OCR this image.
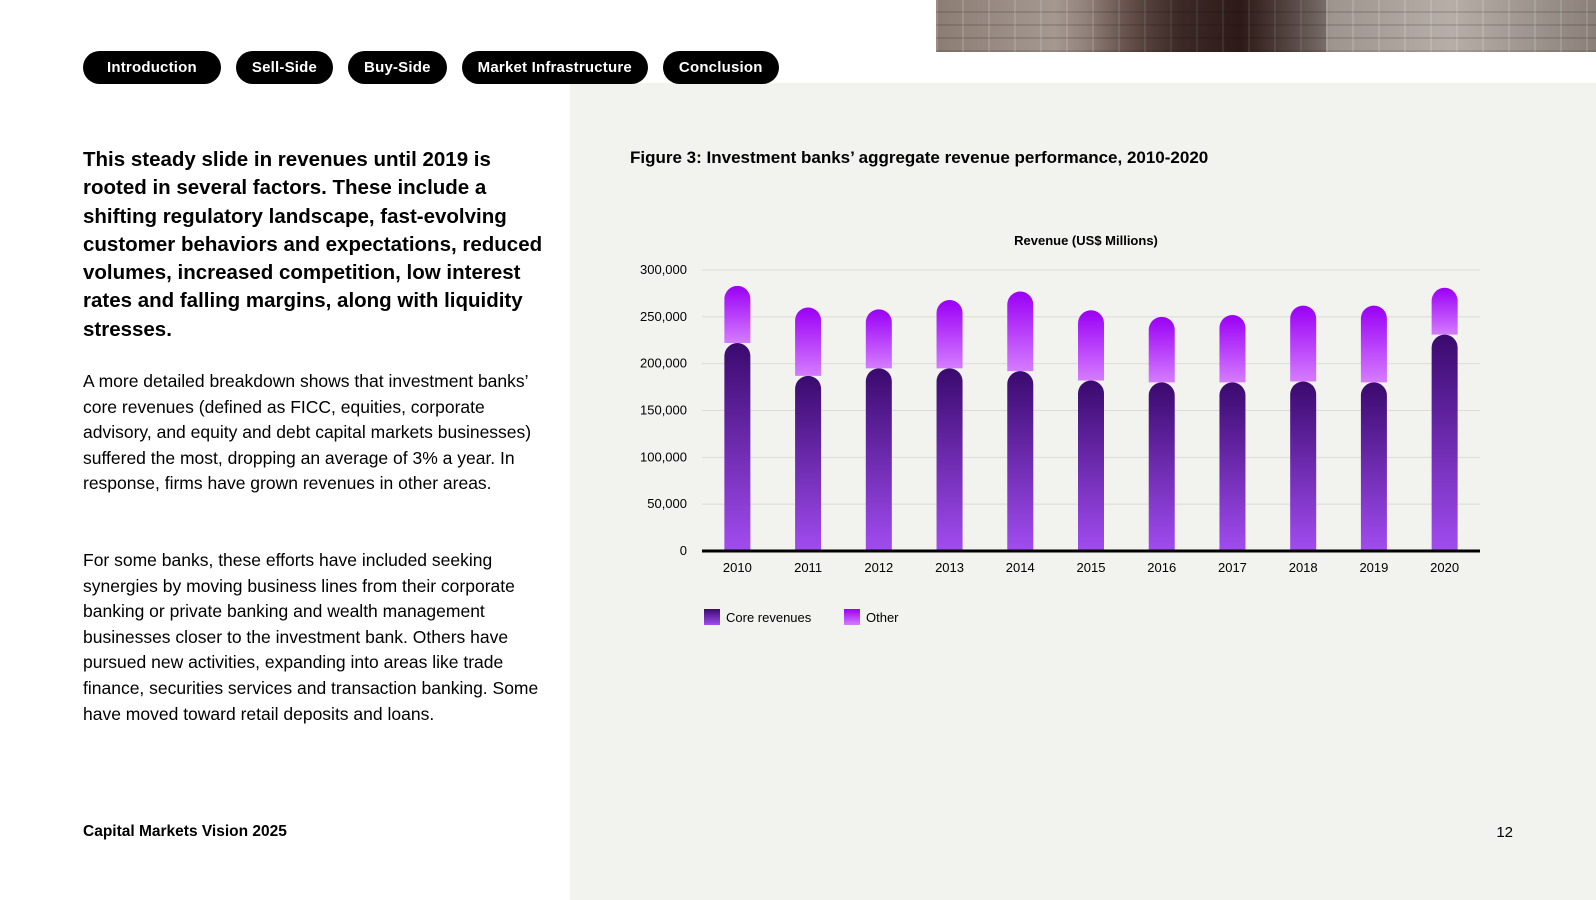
Introduction	Sell-Side	Buy-Side	Market Infrastructure	Conclusion

This steady slide in revenues until 2019 is rooted in several factors. These include a shifting regulatory landscape, fast-evolving customer behaviors and expectations, reduced volumes, increased competition, low interest rates and falling margins, along with liquidity stresses.

A more detailed breakdown shows that investment banks’ core revenues (defined as FICC, equities, corporate advisory, and equity and debt capital markets businesses) suffered the most, dropping an average of 3% a year. In response, firms have grown revenues in other areas.

For some banks, these efforts have included seeking synergies by moving business lines from their corporate banking or private banking and wealth management businesses closer to the investment bank. Others have pursued new activities, expanding into areas like trade finance, securities services and transaction banking. Some have moved toward retail deposits and loans.

Figure 3: Investment banks’ aggregate revenue performance, 2010-2020
Revenue (US$ Millions)
0
50,000
100,000
150,000
200,000
250,000
300,000
2010	2011	2012	2013	2014	2015	2016	2017	2018	2019	2020
Core revenues	Other
Capital Markets Vision 2025	12
